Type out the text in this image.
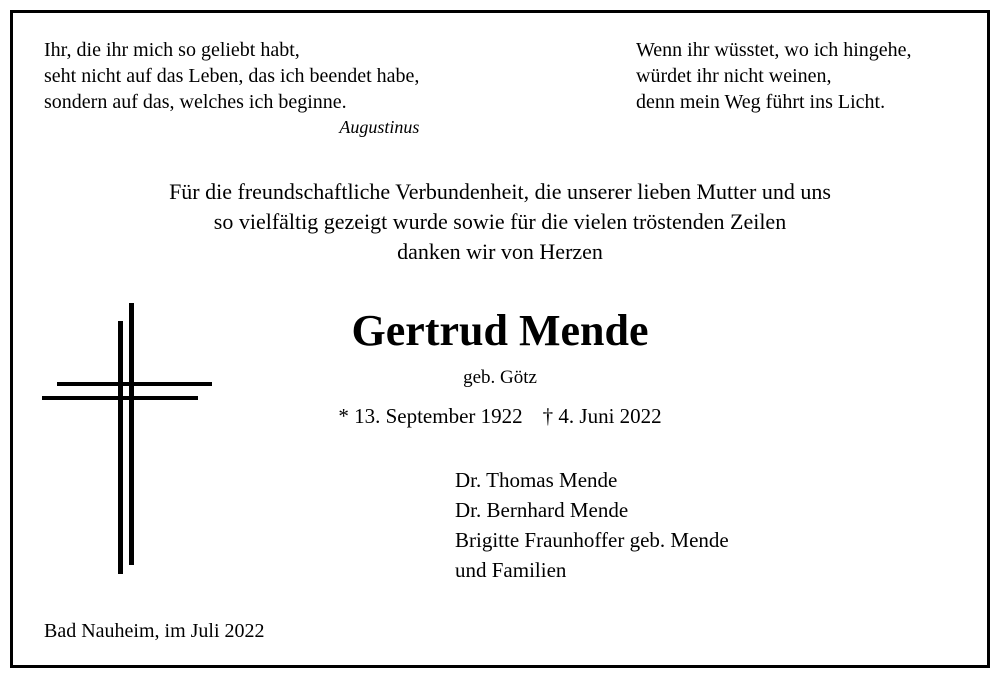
Ihr, die ihr mich so geliebt habt,
seht nicht auf das Leben, das ich beendet habe,
sondern auf das, welches ich beginne.
Augustinus
Wenn ihr wüsstet, wo ich hingehe,
würdet ihr nicht weinen,
denn mein Weg führt ins Licht.
Für die freundschaftliche Verbundenheit, die unserer lieben Mutter und uns
so vielfältig gezeigt wurde sowie für die vielen tröstenden Zeilen
danken wir von Herzen
Gertrud Mende
geb. Götz
* 13. September 1922 † 4. Juni 2022
Dr. Thomas Mende
Dr. Bernhard Mende
Brigitte Fraunhoffer geb. Mende
und Familien
Bad Nauheim, im Juli 2022
